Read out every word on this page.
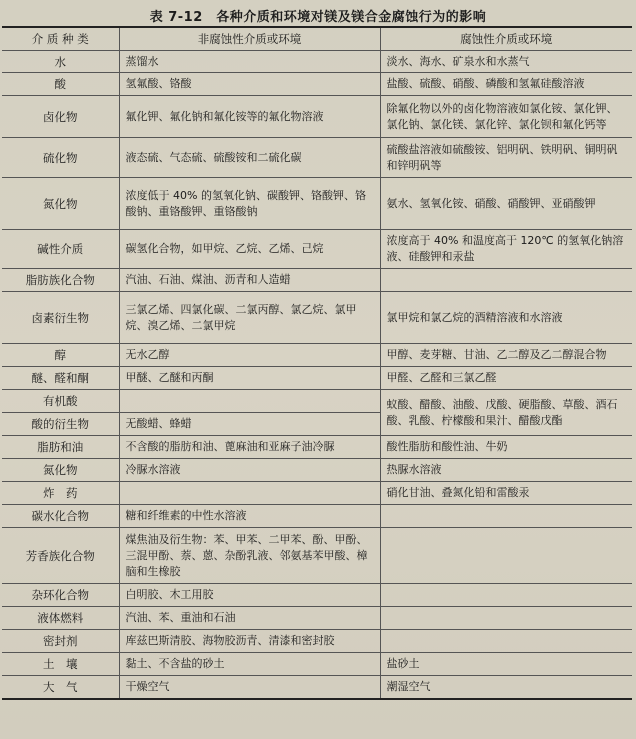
表 7-12　各种介质和环境对镁及镁合金腐蚀行为的影响
介 质 种 类	非腐蚀性介质或环境	腐蚀性介质或环境
水	蒸馏水	淡水、海水、矿泉水和水蒸气
酸	氢氟酸、铬酸	盐酸、硫酸、硝酸、磷酸和氢氟硅酸溶液
卤化物	氟化钾、氟化钠和氟化铵等的氟化物溶液	除氟化物以外的卤化物溶液如氯化铵、氯化钾、氯化钠、氯化镁、氯化锌、氯化钡和氟化钙等
硫化物	液态硫、气态硫、硫酸铵和二硫化碳	硫酸盐溶液如硫酸铵、铝明矾、铁明矾、铜明矾和锌明矾等
氮化物	浓度低于 40% 的氢氧化钠、碳酸钾、铬酸钾、铬酸钠、重铬酸钾、重铬酸钠	氨水、氢氧化铵、硝酸、硝酸钾、亚硝酸钾
碱性介质	碳氢化合物，如甲烷、乙烷、乙烯、己烷	浓度高于 40% 和温度高于 120℃ 的氢氧化钠溶液、硅酸钾和汞盐
脂肪族化合物	汽油、石油、煤油、沥青和人造蜡	
卤素衍生物	三氯乙烯、四氯化碳、二氯丙醇、氯乙烷、氯甲烷、溴乙烯、二氯甲烷	氯甲烷和氯乙烷的酒精溶液和水溶液
醇	无水乙醇	甲醇、麦芽糖、甘油、乙二醇及乙二醇混合物
醚、醛和酮	甲醚、乙醚和丙酮	甲醛、乙醛和三氯乙醛
有机酸		蚁酸、醋酸、油酸、戊酸、硬脂酸、草酸、酒石酸、乳酸、柠檬酸和果汁、醋酸戊酯
酸的衍生物	无酸蜡、蜂蜡	
脂肪和油	不含酸的脂肪和油、蓖麻油和亚麻子油冷脲	酸性脂肪和酸性油、牛奶
氮化物	冷脲水溶液	热脲水溶液
炸　药		硝化甘油、叠氮化铅和雷酸汞
碳水化合物	糖和纤维素的中性水溶液	
芳香族化合物	煤焦油及衍生物：苯、甲苯、二甲苯、酚、甲酚、三混甲酚、萘、蒽、杂酚乳液、邻氨基苯甲酸、樟脑和生橡胶	
杂环化合物	白明胶、木工用胶	
液体燃料	汽油、苯、重油和石油	
密封剂	库兹巴斯清胶、海物胶沥青、清漆和密封胶	
土　壤	黏土、不含盐的砂土	盐砂土
大　气	干燥空气	潮湿空气
